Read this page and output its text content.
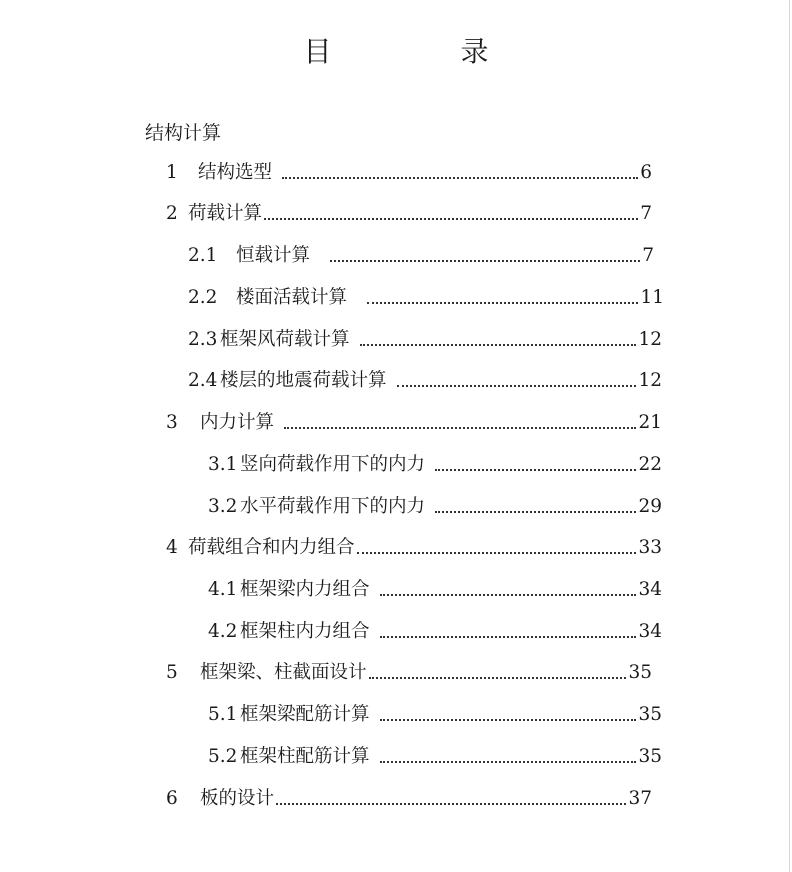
目 录
结构计算
1	结构选型	6
2 荷载计算	7
2.1	恒载计算	7
2.2	楼面活载计算	11
2.3 框架风荷载计算	12
2.4 楼层的地震荷载计算	12
3	内力计算	21
3.1 竖向荷载作用下的内力	22
3.2 水平荷载作用下的内力	29
4 荷载组合和内力组合	33
4.1 框架梁内力组合	34
4.2 框架柱内力组合	34
5	框架梁、柱截面设计	35
5.1 框架梁配筋计算	35
5.2 框架柱配筋计算	35
6	板的设计	37
